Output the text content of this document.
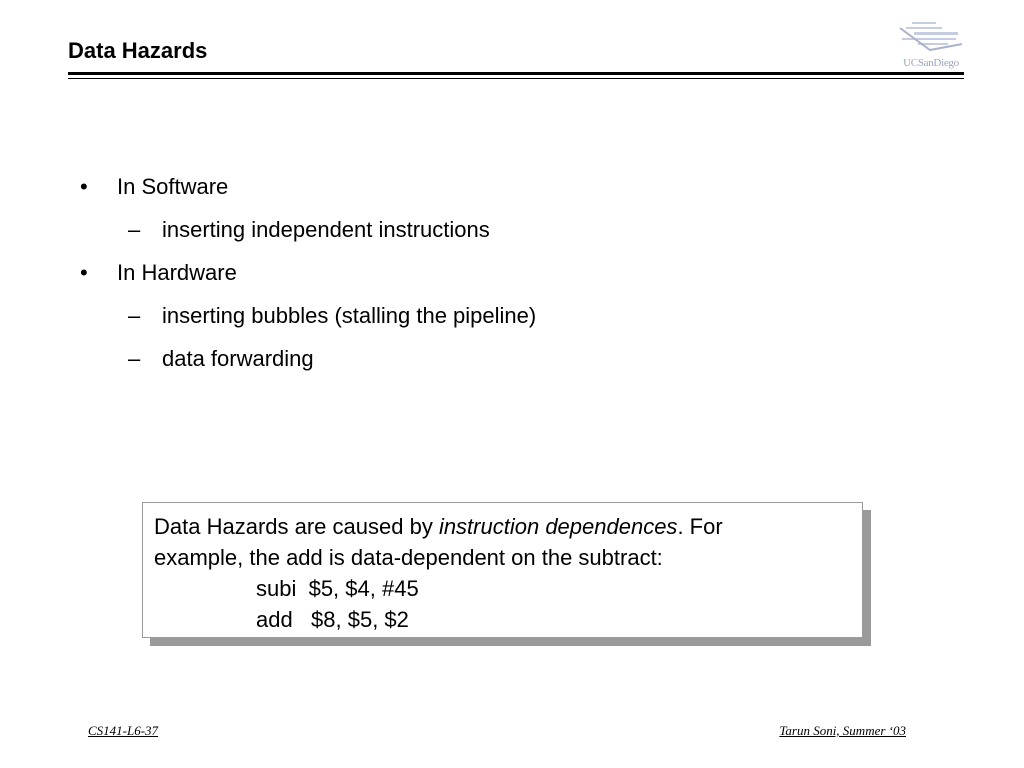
Data Hazards	UCSanDiego
• In Software
– inserting independent instructions
• In Hardware
– inserting bubbles (stalling the pipeline)
– data forwarding

Data Hazards are caused by instruction dependences. For

example, the add is data-dependent on the subtract:

subi  $5, $4, #45

add   $8, $5, $2

CS141-L6-37	Tarun Soni, Summer ‘03
